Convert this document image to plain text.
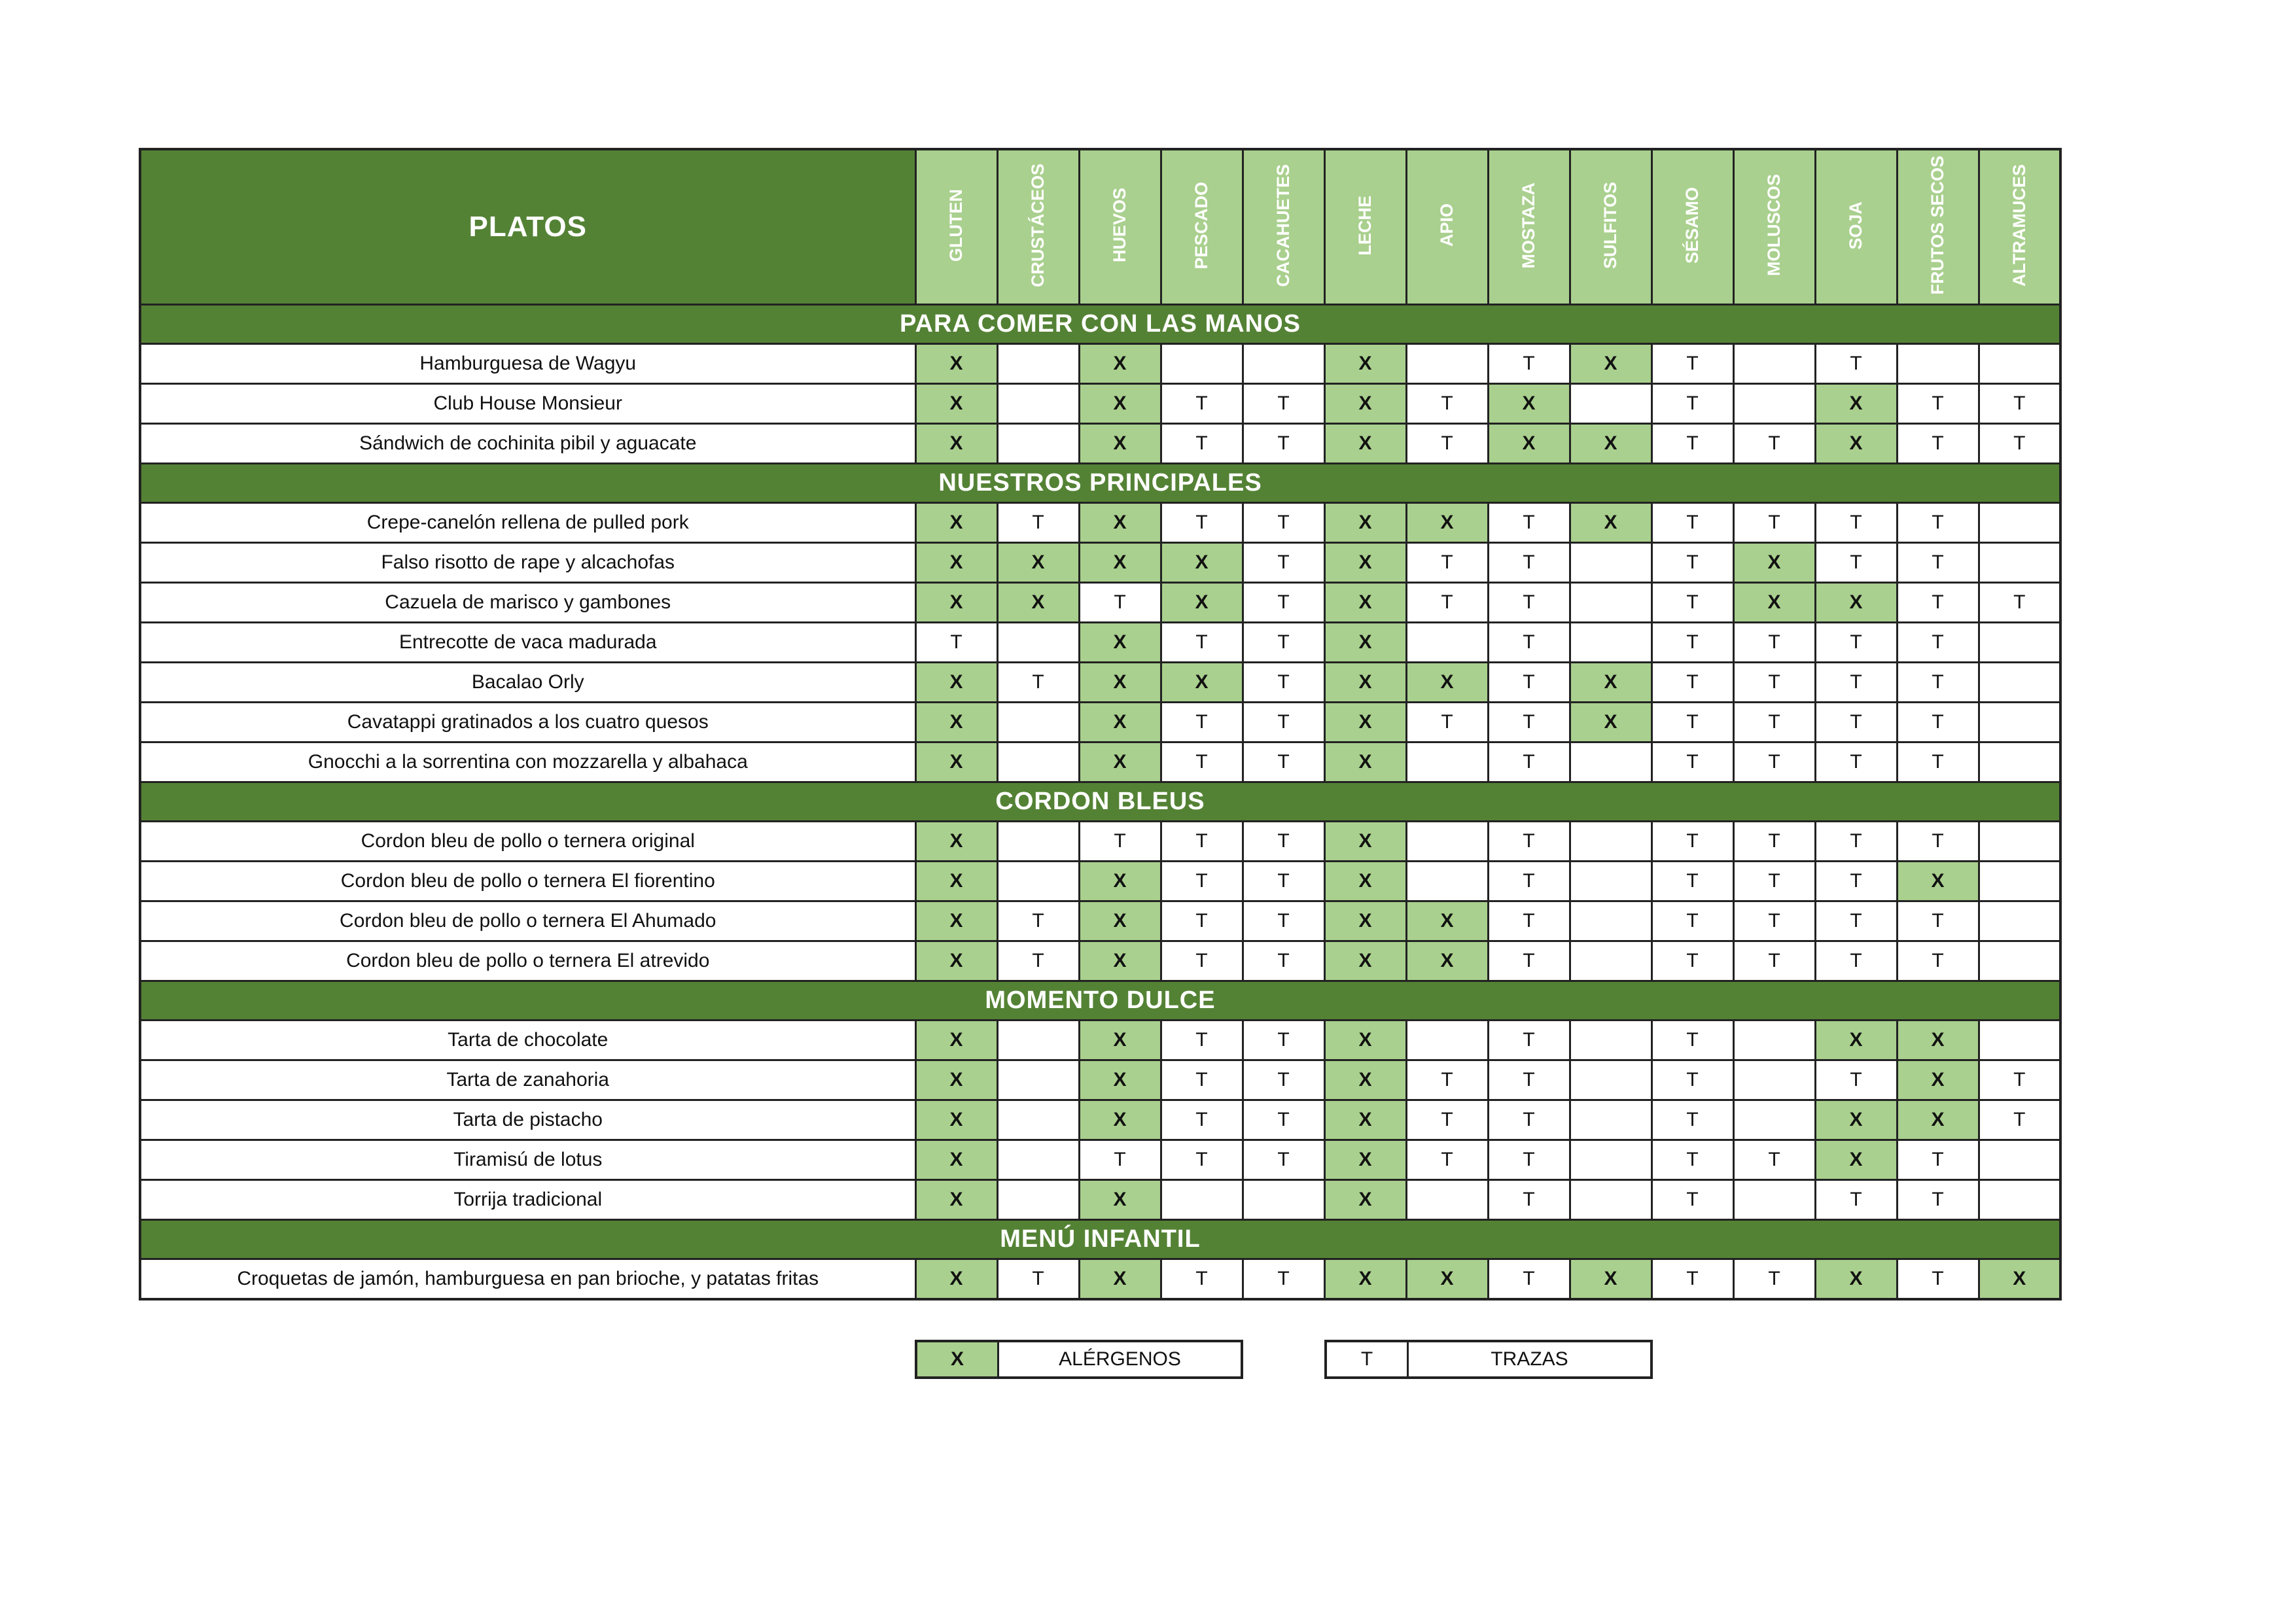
PLATOS	GLUTEN	CRUSTÁCEOS	HUEVOS	PESCADO	CACAHUETES	LECHE	APIO	MOSTAZA	SULFITOS	SÉSAMO	MOLUSCOS	SOJA	FRUTOS SECOS	ALTRAMUCES
PARA COMER CON LAS MANOS														
Hamburguesa de Wagyu	X		X			X		T	X	T		T		
Club House Monsieur	X		X	T	T	X	T	X		T		X	T	T
Sándwich de cochinita pibil y aguacate	X		X	T	T	X	T	X	X	T	T	X	T	T
NUESTROS PRINCIPALES														
Crepe-canelón rellena de pulled pork	X	T	X	T	T	X	X	T	X	T	T	T	T	
Falso risotto de rape y alcachofas	X	X	X	X	T	X	T	T		T	X	T	T	
Cazuela de marisco y gambones	X	X	T	X	T	X	T	T		T	X	X	T	T
Entrecotte de vaca madurada	T		X	T	T	X		T		T	T	T	T	
Bacalao Orly	X	T	X	X	T	X	X	T	X	T	T	T	T	
Cavatappi gratinados a los cuatro quesos	X		X	T	T	X	T	T	X	T	T	T	T	
Gnocchi a la sorrentina con mozzarella y albahaca	X		X	T	T	X		T		T	T	T	T	
CORDON BLEUS														
Cordon bleu de pollo o ternera original	X		T	T	T	X		T		T	T	T	T	
Cordon bleu de pollo o ternera El fiorentino	X		X	T	T	X		T		T	T	T	X	
Cordon bleu de pollo o ternera El Ahumado	X	T	X	T	T	X	X	T		T	T	T	T	
Cordon bleu de pollo o ternera El atrevido	X	T	X	T	T	X	X	T		T	T	T	T	
MOMENTO DULCE														
Tarta de chocolate	X		X	T	T	X		T		T		X	X	
Tarta de zanahoria	X		X	T	T	X	T	T		T		T	X	T
Tarta de pistacho	X		X	T	T	X	T	T		T		X	X	T
Tiramisú de lotus	X		T	T	T	X	T	T		T	T	X	T	
Torrija tradicional	X		X			X		T		T		T	T	
MENÚ INFANTIL														
Croquetas de jamón, hamburguesa en pan brioche, y patatas fritas	X	T	X	T	T	X	X	T	X	T	T	X	T	X
X	ALÉRGENOS	T	TRAZAS
